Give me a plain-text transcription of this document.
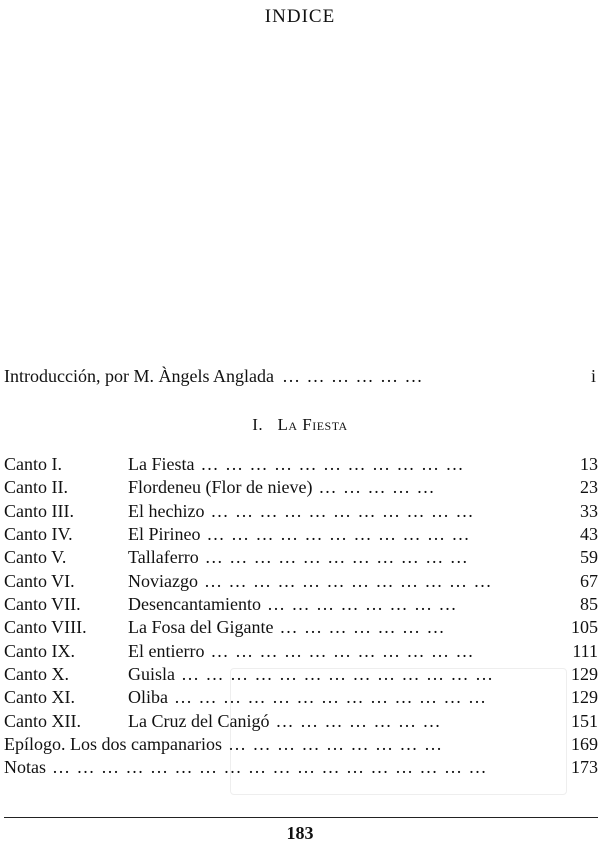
INDICE
Introducción, por M. Àngels Anglada … … … … … …	i
I. La Fiesta
Canto I.	La Fiesta … … … … … … … … … … …	13
Canto II.	Flordeneu (Flor de nieve) … … … … …	23
Canto III.	El hechizo … … … … … … … … … … …	33
Canto IV.	El Pirineo … … … … … … … … … … …	43
Canto V.	Tallaferro … … … … … … … … … … …	59
Canto VI.	Noviazgo … … … … … … … … … … … …	67
Canto VII.	Desencantamiento … … … … … … … …	85
Canto VIII.	La Fosa del Gigante … … … … … … …	105
Canto IX.	El entierro … … … … … … … … … … …	111
Canto X.	Guisla … … … … … … … … … … … … …	129
Canto XI.	Oliba … … … … … … … … … … … … …	129
Canto XII.	La Cruz del Canigó … … … … … … …	151
Epílogo. Los dos campanarios … … … … … … … … …	169
Notas … … … … … … … … … … … … … … … … … …	173
183
